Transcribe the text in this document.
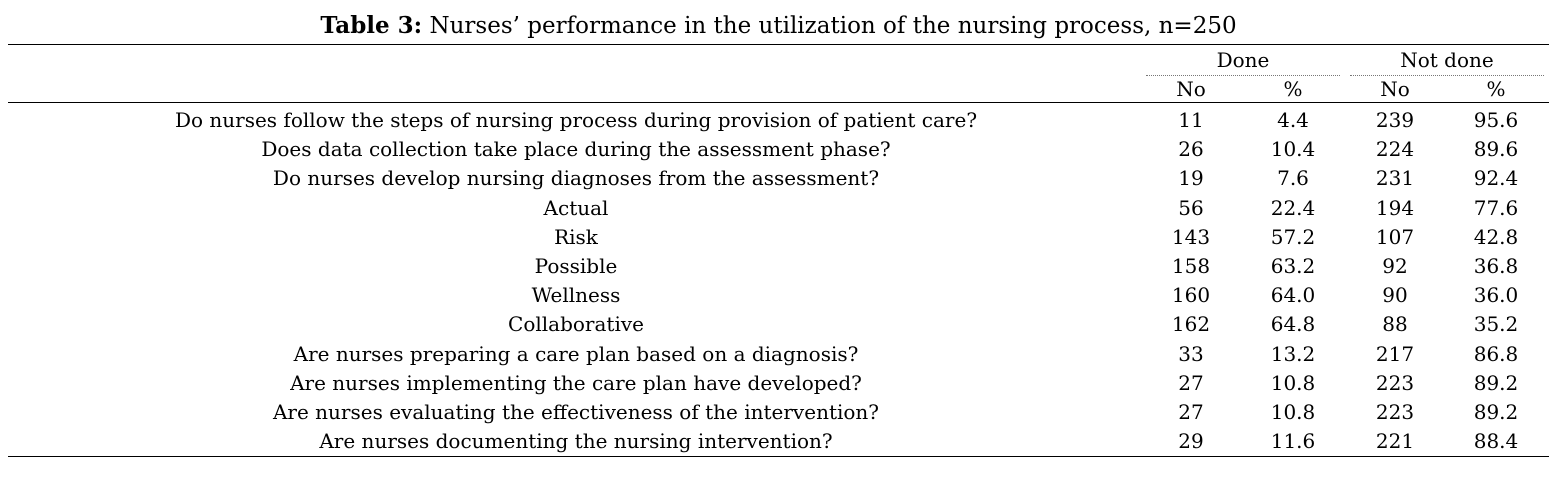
Table 3: Nurses’ performance in the utilization of the nursing process, n=250
Done	Not done
No	%	No	%
Do nurses follow the steps of nursing process during provision of patient care?	11	4.4	239	95.6
Does data collection take place during the assessment phase?	26	10.4	224	89.6
Do nurses develop nursing diagnoses from the assessment?	19	7.6	231	92.4
Actual	56	22.4	194	77.6
Risk	143	57.2	107	42.8
Possible	158	63.2	92	36.8
Wellness	160	64.0	90	36.0
Collaborative	162	64.8	88	35.2
Are nurses preparing a care plan based on a diagnosis?	33	13.2	217	86.8
Are nurses implementing the care plan have developed?	27	10.8	223	89.2
Are nurses evaluating the effectiveness of the intervention?	27	10.8	223	89.2
Are nurses documenting the nursing intervention?	29	11.6	221	88.4
